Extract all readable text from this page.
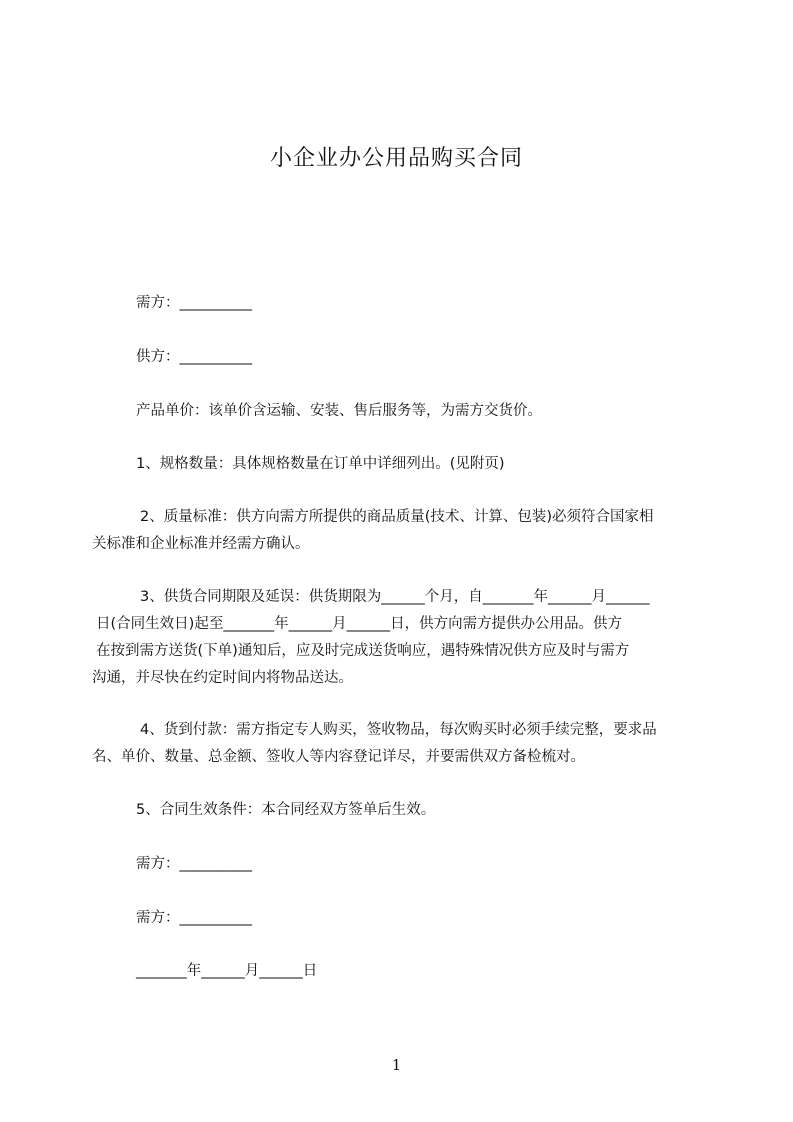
小企业办公用品购买合同
需方：__________
供方：__________
产品单价：该单价含运输、安装、售后服务等，为需方交货价。
1、规格数量：具体规格数量在订单中详细列出。(见附页)
2、质量标准：供方向需方所提供的商品质量(技术、计算、包装)必须符合国家相
关标准和企业标准并经需方确认。
3、供货合同期限及延误：供货期限为______个月，自_______年______月______
日(合同生效日)起至_______年______月______日，供方向需方提供办公用品。供方
在按到需方送货(下单)通知后，应及时完成送货响应，遇特殊情况供方应及时与需方
沟通，并尽快在约定时间内将物品送达。
4、货到付款：需方指定专人购买，签收物品，每次购买时必须手续完整，要求品
名、单价、数量、总金额、签收人等内容登记详尽，并要需供双方备检梳对。
5、合同生效条件：本合同经双方签单后生效。
需方：__________
需方：__________
_______年______月______日
1
